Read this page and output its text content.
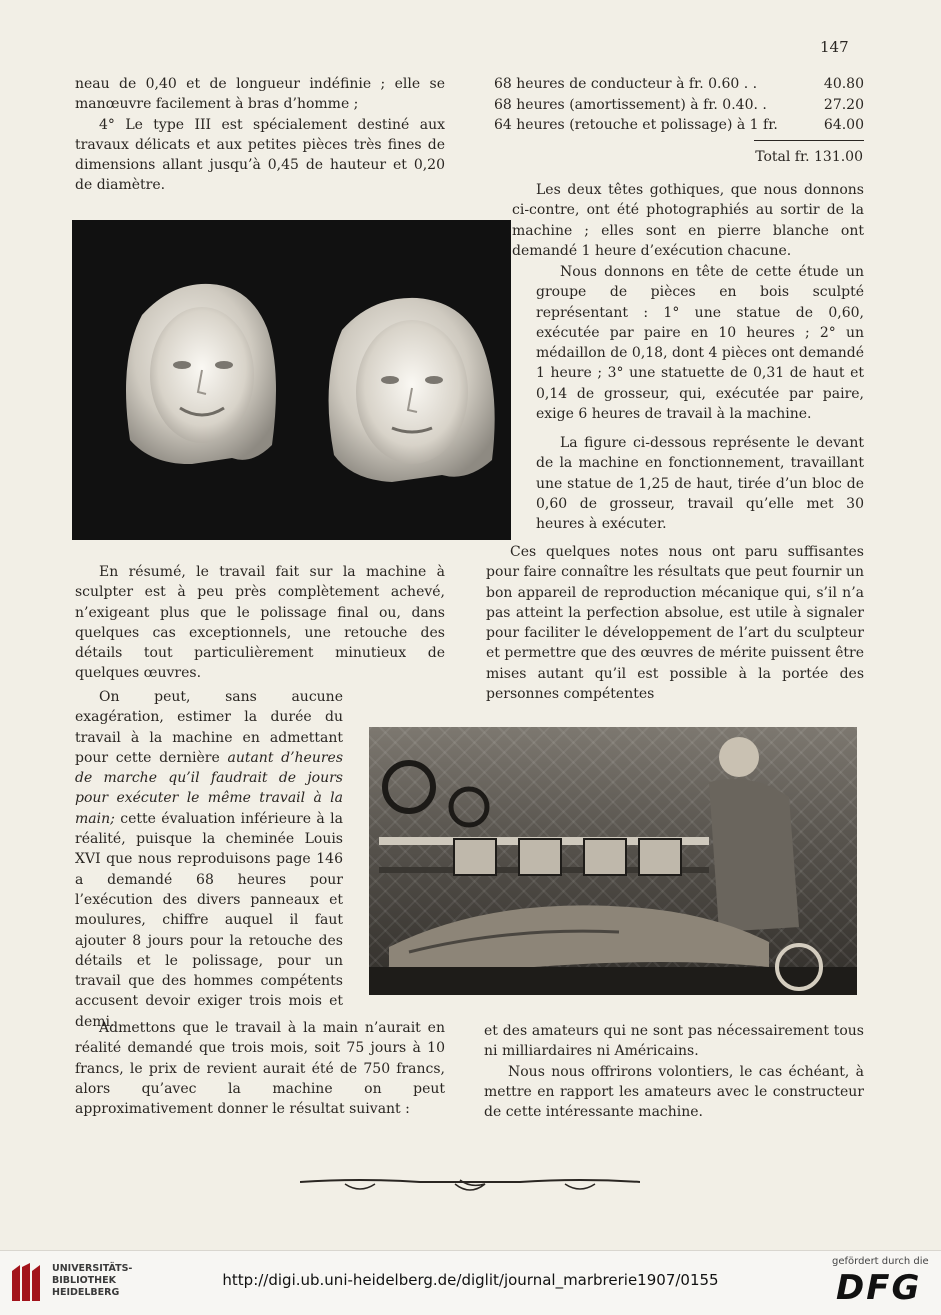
147

neau de 0,40 et de longueur indéfinie ; elle se manœuvre facilement à bras d’homme ;

4° Le type III est spécialement destiné aux travaux délicats et aux petites pièces très fines de dimensions allant jusqu’à 0,45 de hauteur et 0,20 de diamètre.

En résumé, le travail fait sur la machine à sculpter est à peu près complètement achevé, n’exigeant plus que le polissage final ou, dans quelques cas exceptionnels, une retouche des détails tout particulièrement minutieux de quelques œuvres.

On peut, sans aucune exagération, estimer la durée du travail à la machine en admettant pour cette dernière autant d’heures de marche qu’il faudrait de jours pour exécuter le même travail à la main; cette évaluation inférieure à la réalité, puisque la cheminée Louis XVI que nous reproduisons page 146 a demandé 68 heures pour l’exécution des divers panneaux et moulures, chiffre auquel il faut ajouter 8 jours pour la retouche des détails et le polissage, pour un travail que des hommes compétents accusent devoir exiger trois mois et demi.

Admettons que le travail à la main n’aurait en réalité demandé que trois mois, soit 75 jours à 10 francs, le prix de revient aurait été de 750 francs, alors qu’avec la machine on peut approximativement donner le résultat suivant :

68 heures de conducteur à fr. 0.60 . .	40.80
68 heures (amortissement) à fr. 0.40. .	27.20
64 heures (retouche et polissage) à 1 fr.	64.00
Total fr. 131.00

Les deux têtes gothiques, que nous donnons ci-contre, ont été photographiés au sortir de la machine ; elles sont en pierre blanche ont demandé 1 heure d’exécution chacune.

Nous donnons en tête de cette étude un groupe de pièces en bois sculpté représentant : 1° une statue de 0,60, exécutée par paire en 10 heures ; 2° un médaillon de 0,18, dont 4 pièces ont demandé 1 heure ; 3° une statuette de 0,31 de haut et 0,14 de grosseur, qui, exécutée par paire, exige 6 heures de travail à la machine.

La figure ci-dessous représente le devant de la machine en fonctionnement, travaillant une statue de 1,25 de haut, tirée d’un bloc de 0,60 de grosseur, travail qu’elle met 30 heures à exécuter.

Ces quelques notes nous ont paru suffisantes pour faire connaître les résultats que peut fournir un bon appareil de reproduction mécanique qui, s’il n’a pas atteint la perfection absolue, est utile à signaler pour faciliter le développement de l’art du sculpteur et permettre que des œuvres de mérite puissent être mises autant qu’il est possible à la portée des personnes compétentes

et des amateurs qui ne sont pas nécessairement tous ni milliardaires ni Américains.

Nous nous offrirons volontiers, le cas échéant, à mettre en rapport les amateurs avec le constructeur de cette intéressante machine.

UNIVERSITÄTS-
BIBLIOTHEK
HEIDELBERG
http://digi.ub.uni-heidelberg.de/diglit/journal_marbrerie1907/0155
gefördert durch die
DFG
